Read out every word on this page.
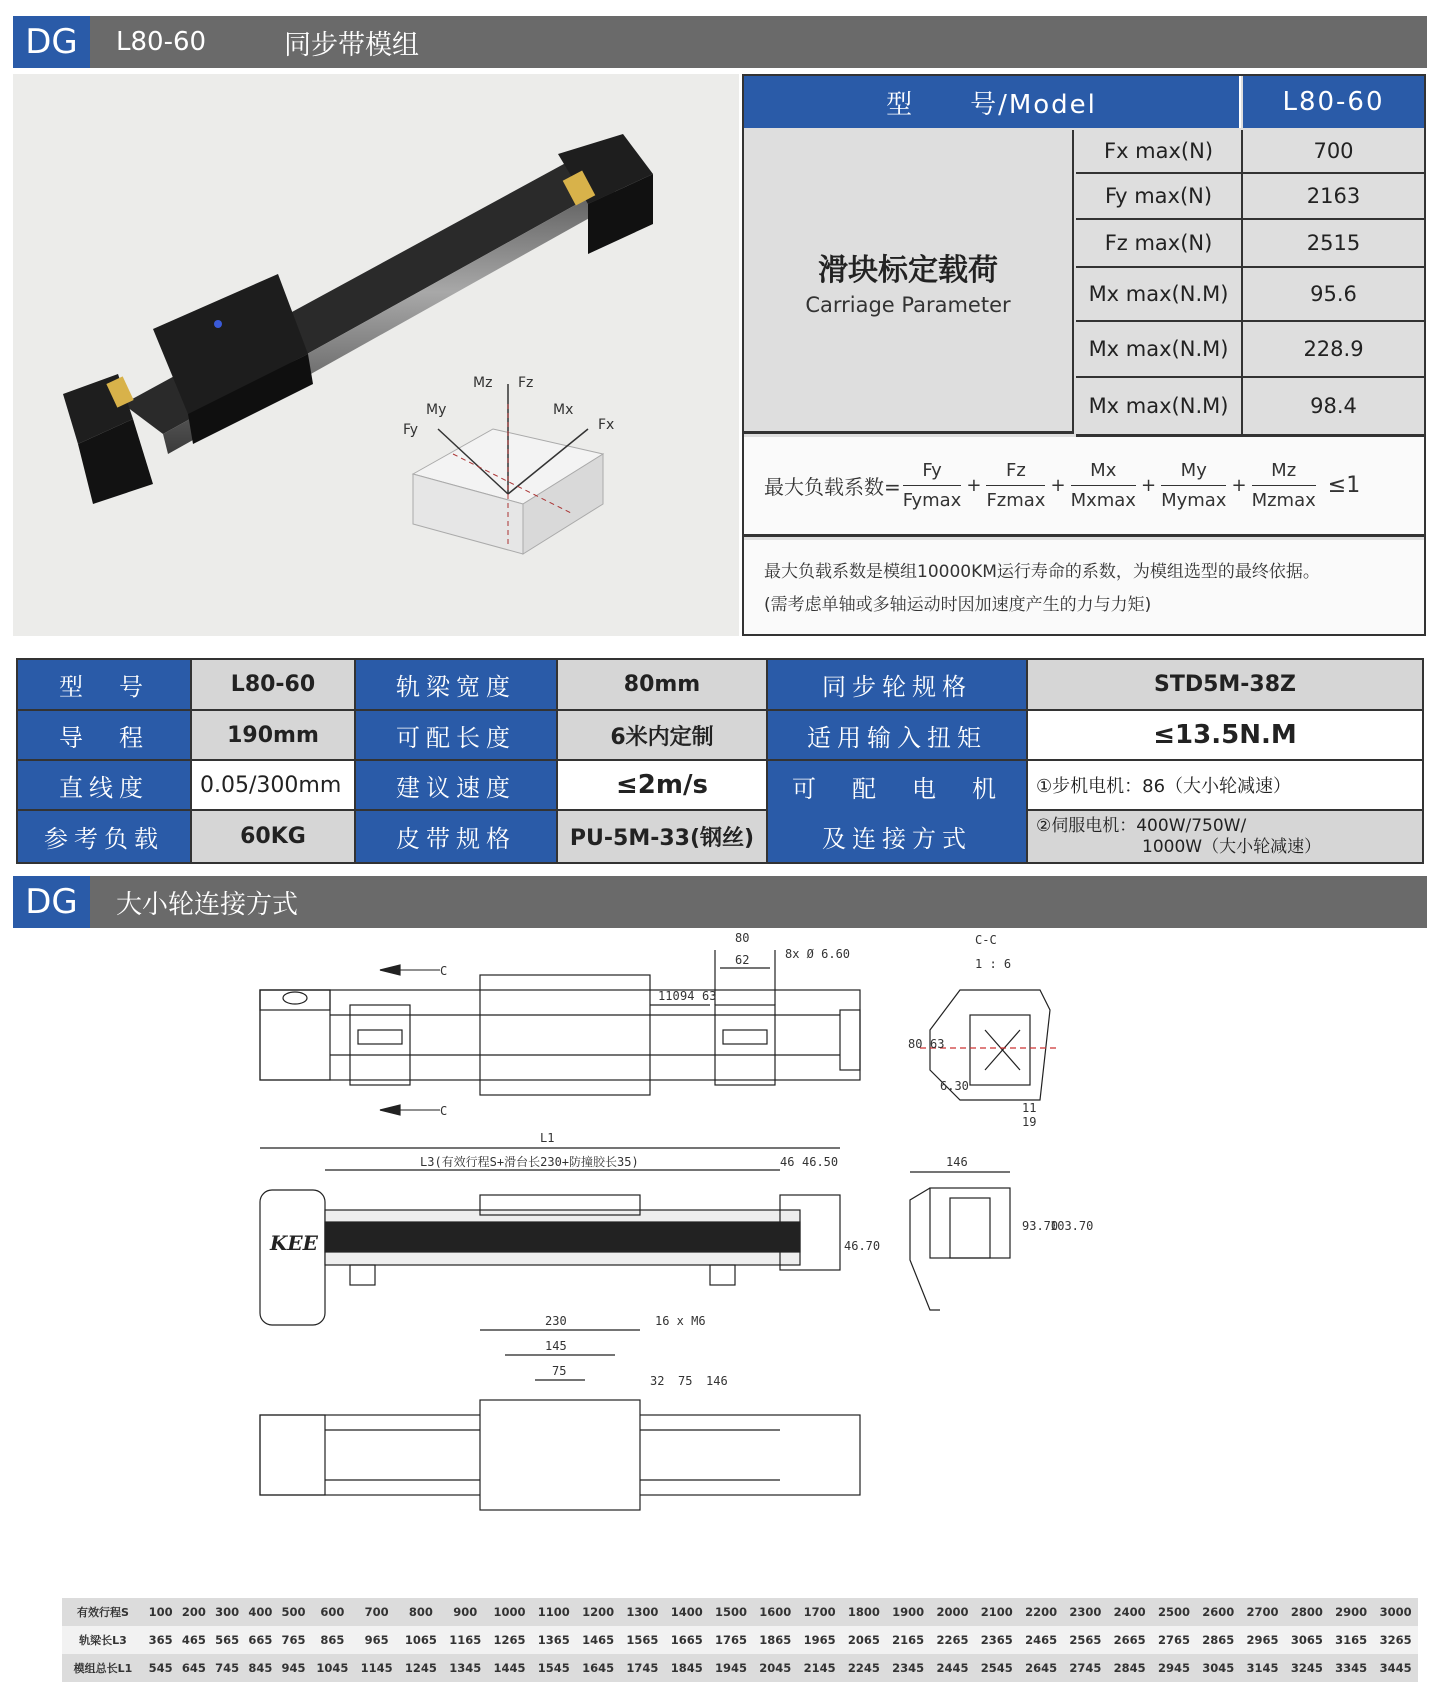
DG	L80-60	同步带模组
Mz Fz
My	Mx
Fy	Fx
型　　号/Model	L80-60
滑块标定载荷
Carriage Parameter
Fx max(N)	700
Fy max(N)	2163
Fz max(N)	2515
Mx max(N.M)	95.6
Mx max(N.M)	228.9
Mx max(N.M)	98.4
最大负载系数= $\frac{Fy}{Fymax} + \frac{Fz}{Fzmax} + \frac{Mx}{Mxmax} + \frac{My}{Mymax} + \frac{Mz}{Mzmax} \le 1$
最大负载系数是模组10000KM运行寿命的系数，为模组选型的最终依据。
(需考虑单轴或多轴运动时因加速度产生的力与力矩)
型　号	L80-60	轨梁宽度	80mm	同步轮规格	STD5M-38Z
导　程	190mm	可配长度	6米内定制	适用输入扭矩	≤13.5N.M
直线度	0.05/300mm	建议速度	≤2m/s	可　配　电　机	①步机电机：86（大小轮减速）
参考负载	60KG	皮带规格	PU-5M-33(钢丝)	及连接方式	②伺服电机：400W/750W/
1000W（大小轮减速）
DG	大小轮连接方式
C
C
80
62	8x Ø 6.60
110 94 63
C-C
1 : 6
80 63
6.30
11
19
L1
L3(有效行程S+滑台长230+防撞胶长35)	46 46.50
46.70
KEE
146
93.70
103.70
230
145
75
16 x M6
32 75 146
有效行程S	100	200	300	400	500	600	700	800	900	1000	1100	1200	1300	1400	1500	1600	1700	1800	1900	2000	2100	2200	2300	2400	2500	2600	2700	2800	2900	3000
轨梁长L3	365	465	565	665	765	865	965	1065	1165	1265	1365	1465	1565	1665	1765	1865	1965	2065	2165	2265	2365	2465	2565	2665	2765	2865	2965	3065	3165	3265
模组总长L1	545	645	745	845	945	1045	1145	1245	1345	1445	1545	1645	1745	1845	1945	2045	2145	2245	2345	2445	2545	2645	2745	2845	2945	3045	3145	3245	3345	3445
